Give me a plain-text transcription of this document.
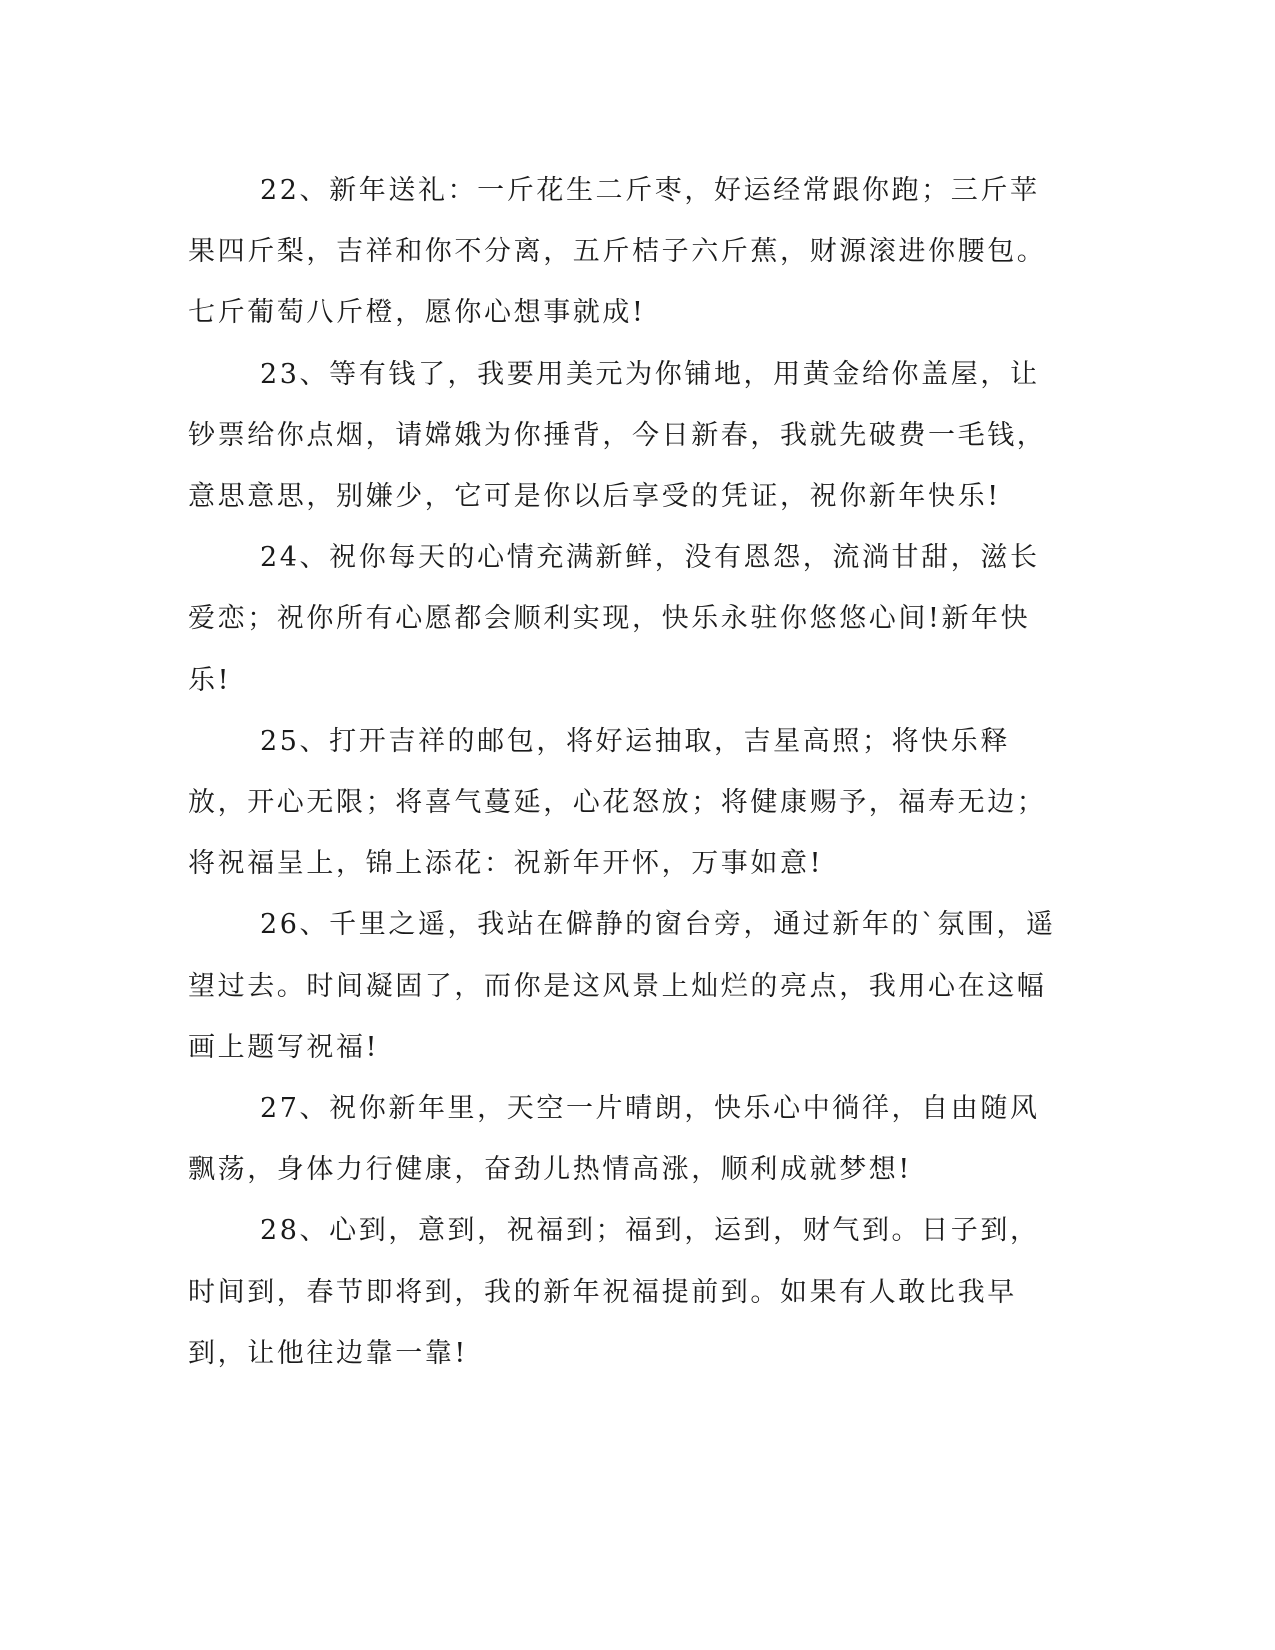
22、新年送礼：一斤花生二斤枣，好运经常跟你跑；三斤苹果四斤梨，吉祥和你不分离，五斤桔子六斤蕉，财源滚进你腰包。七斤葡萄八斤橙，愿你心想事就成!

23、等有钱了，我要用美元为你铺地，用黄金给你盖屋，让钞票给你点烟，请嫦娥为你捶背，今日新春，我就先破费一毛钱，意思意思，别嫌少，它可是你以后享受的凭证，祝你新年快乐!

24、祝你每天的心情充满新鲜，没有恩怨，流淌甘甜，滋长爱恋；祝你所有心愿都会顺利实现，快乐永驻你悠悠心间!新年快乐!

25、打开吉祥的邮包，将好运抽取，吉星高照；将快乐释放，开心无限；将喜气蔓延，心花怒放；将健康赐予，福寿无边；将祝福呈上，锦上添花：祝新年开怀，万事如意!

26、千里之遥，我站在僻静的窗台旁，通过新年的`氛围，遥望过去。时间凝固了，而你是这风景上灿烂的亮点，我用心在这幅画上题写祝福!

27、祝你新年里，天空一片晴朗，快乐心中徜徉，自由随风飘荡，身体力行健康，奋劲儿热情高涨，顺利成就梦想!

28、心到，意到，祝福到；福到，运到，财气到。日子到，时间到，春节即将到，我的新年祝福提前到。如果有人敢比我早到，让他往边靠一靠!
